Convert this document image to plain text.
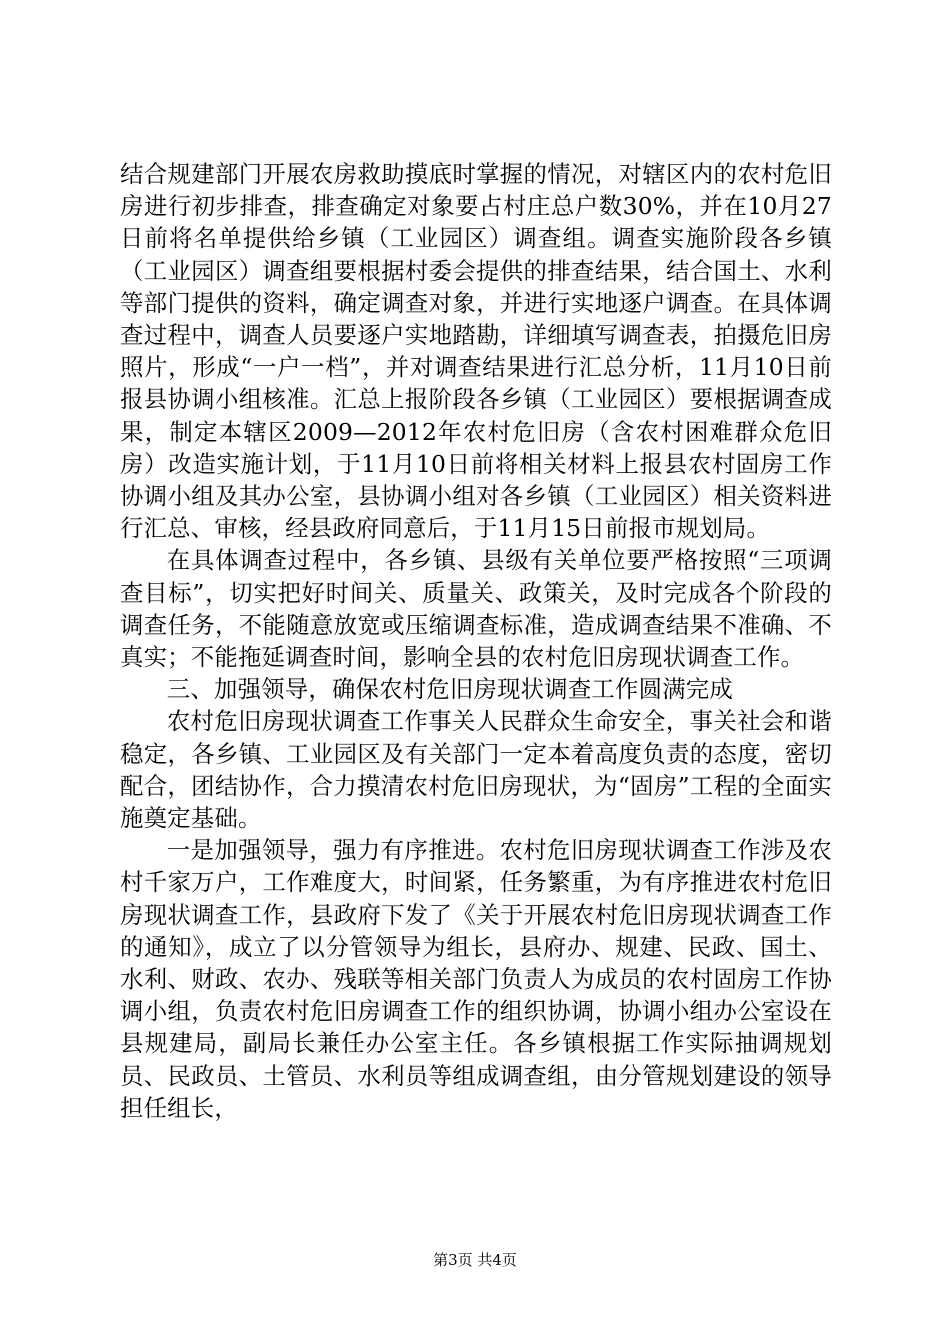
结合规建部门开展农房救助摸底时掌握的情况，对辖区内的农村危旧房进行初步排查，排查确定对象要占村庄总户数30%，并在10月27日前将名单提供给乡镇（工业园区）调查组。调查实施阶段各乡镇（工业园区）调查组要根据村委会提供的排查结果，结合国土、水利等部门提供的资料，确定调查对象，并进行实地逐户调查。在具体调查过程中，调查人员要逐户实地踏勘，详细填写调查表，拍摄危旧房照片，形成“一户一档”，并对调查结果进行汇总分析，11月10日前报县协调小组核准。汇总上报阶段各乡镇（工业园区）要根据调查成果，制定本辖区2009—2012年农村危旧房（含农村困难群众危旧房）改造实施计划，于11月10日前将相关材料上报县农村固房工作协调小组及其办公室，县协调小组对各乡镇（工业园区）相关资料进行汇总、审核，经县政府同意后，于11月15日前报市规划局。

在具体调查过程中，各乡镇、县级有关单位要严格按照“三项调查目标”，切实把好时间关、质量关、政策关，及时完成各个阶段的调查任务，不能随意放宽或压缩调查标准，造成调查结果不准确、不真实；不能拖延调查时间，影响全县的农村危旧房现状调查工作。

三、加强领导，确保农村危旧房现状调查工作圆满完成

农村危旧房现状调查工作事关人民群众生命安全，事关社会和谐稳定，各乡镇、工业园区及有关部门一定本着高度负责的态度，密切配合，团结协作，合力摸清农村危旧房现状，为“固房”工程的全面实施奠定基础。

一是加强领导，强力有序推进。农村危旧房现状调查工作涉及农村千家万户，工作难度大，时间紧，任务繁重，为有序推进农村危旧房现状调查工作，县政府下发了《关于开展农村危旧房现状调查工作的通知》，成立了以分管领导为组长，县府办、规建、民政、国土、水利、财政、农办、残联等相关部门负责人为成员的农村固房工作协调小组，负责农村危旧房调查工作的组织协调，协调小组办公室设在县规建局，副局长兼任办公室主任。各乡镇根据工作实际抽调规划员、民政员、土管员、水利员等组成调查组，由分管规划建设的领导担任组长，

第3页 共4页
